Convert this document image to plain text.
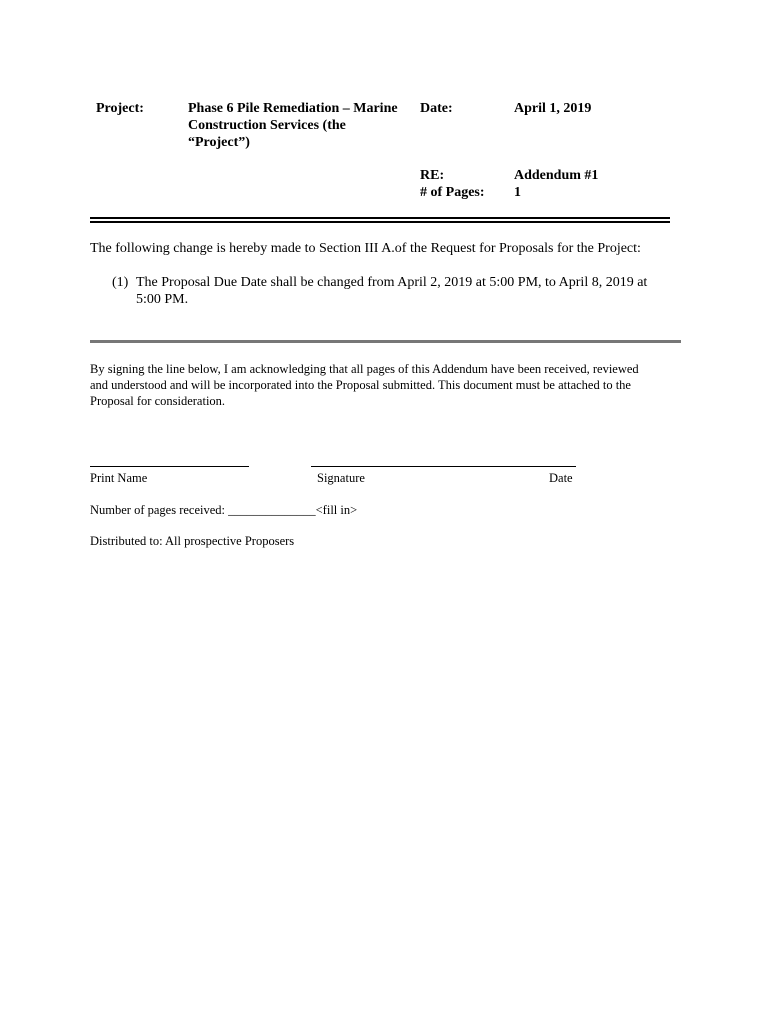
Project:	Phase 6 Pile Remediation – Marine
Construction Services (the
“Project”)
Date:	April 1, 2019
RE:	Addendum #1
# of Pages: 1
The following change is hereby made to Section III A.of the Request for Proposals for the Project:
(1) The Proposal Due Date shall be changed from April 2, 2019 at 5:00 PM, to April 8, 2019 at
5:00 PM.
By signing the line below, I am acknowledging that all pages of this Addendum have been received, reviewed
and understood and will be incorporated into the Proposal submitted. This document must be attached to the
Proposal for consideration.
Print Name	Signature	Date
Number of pages received: ______________<fill in>
Distributed to: All prospective Proposers
